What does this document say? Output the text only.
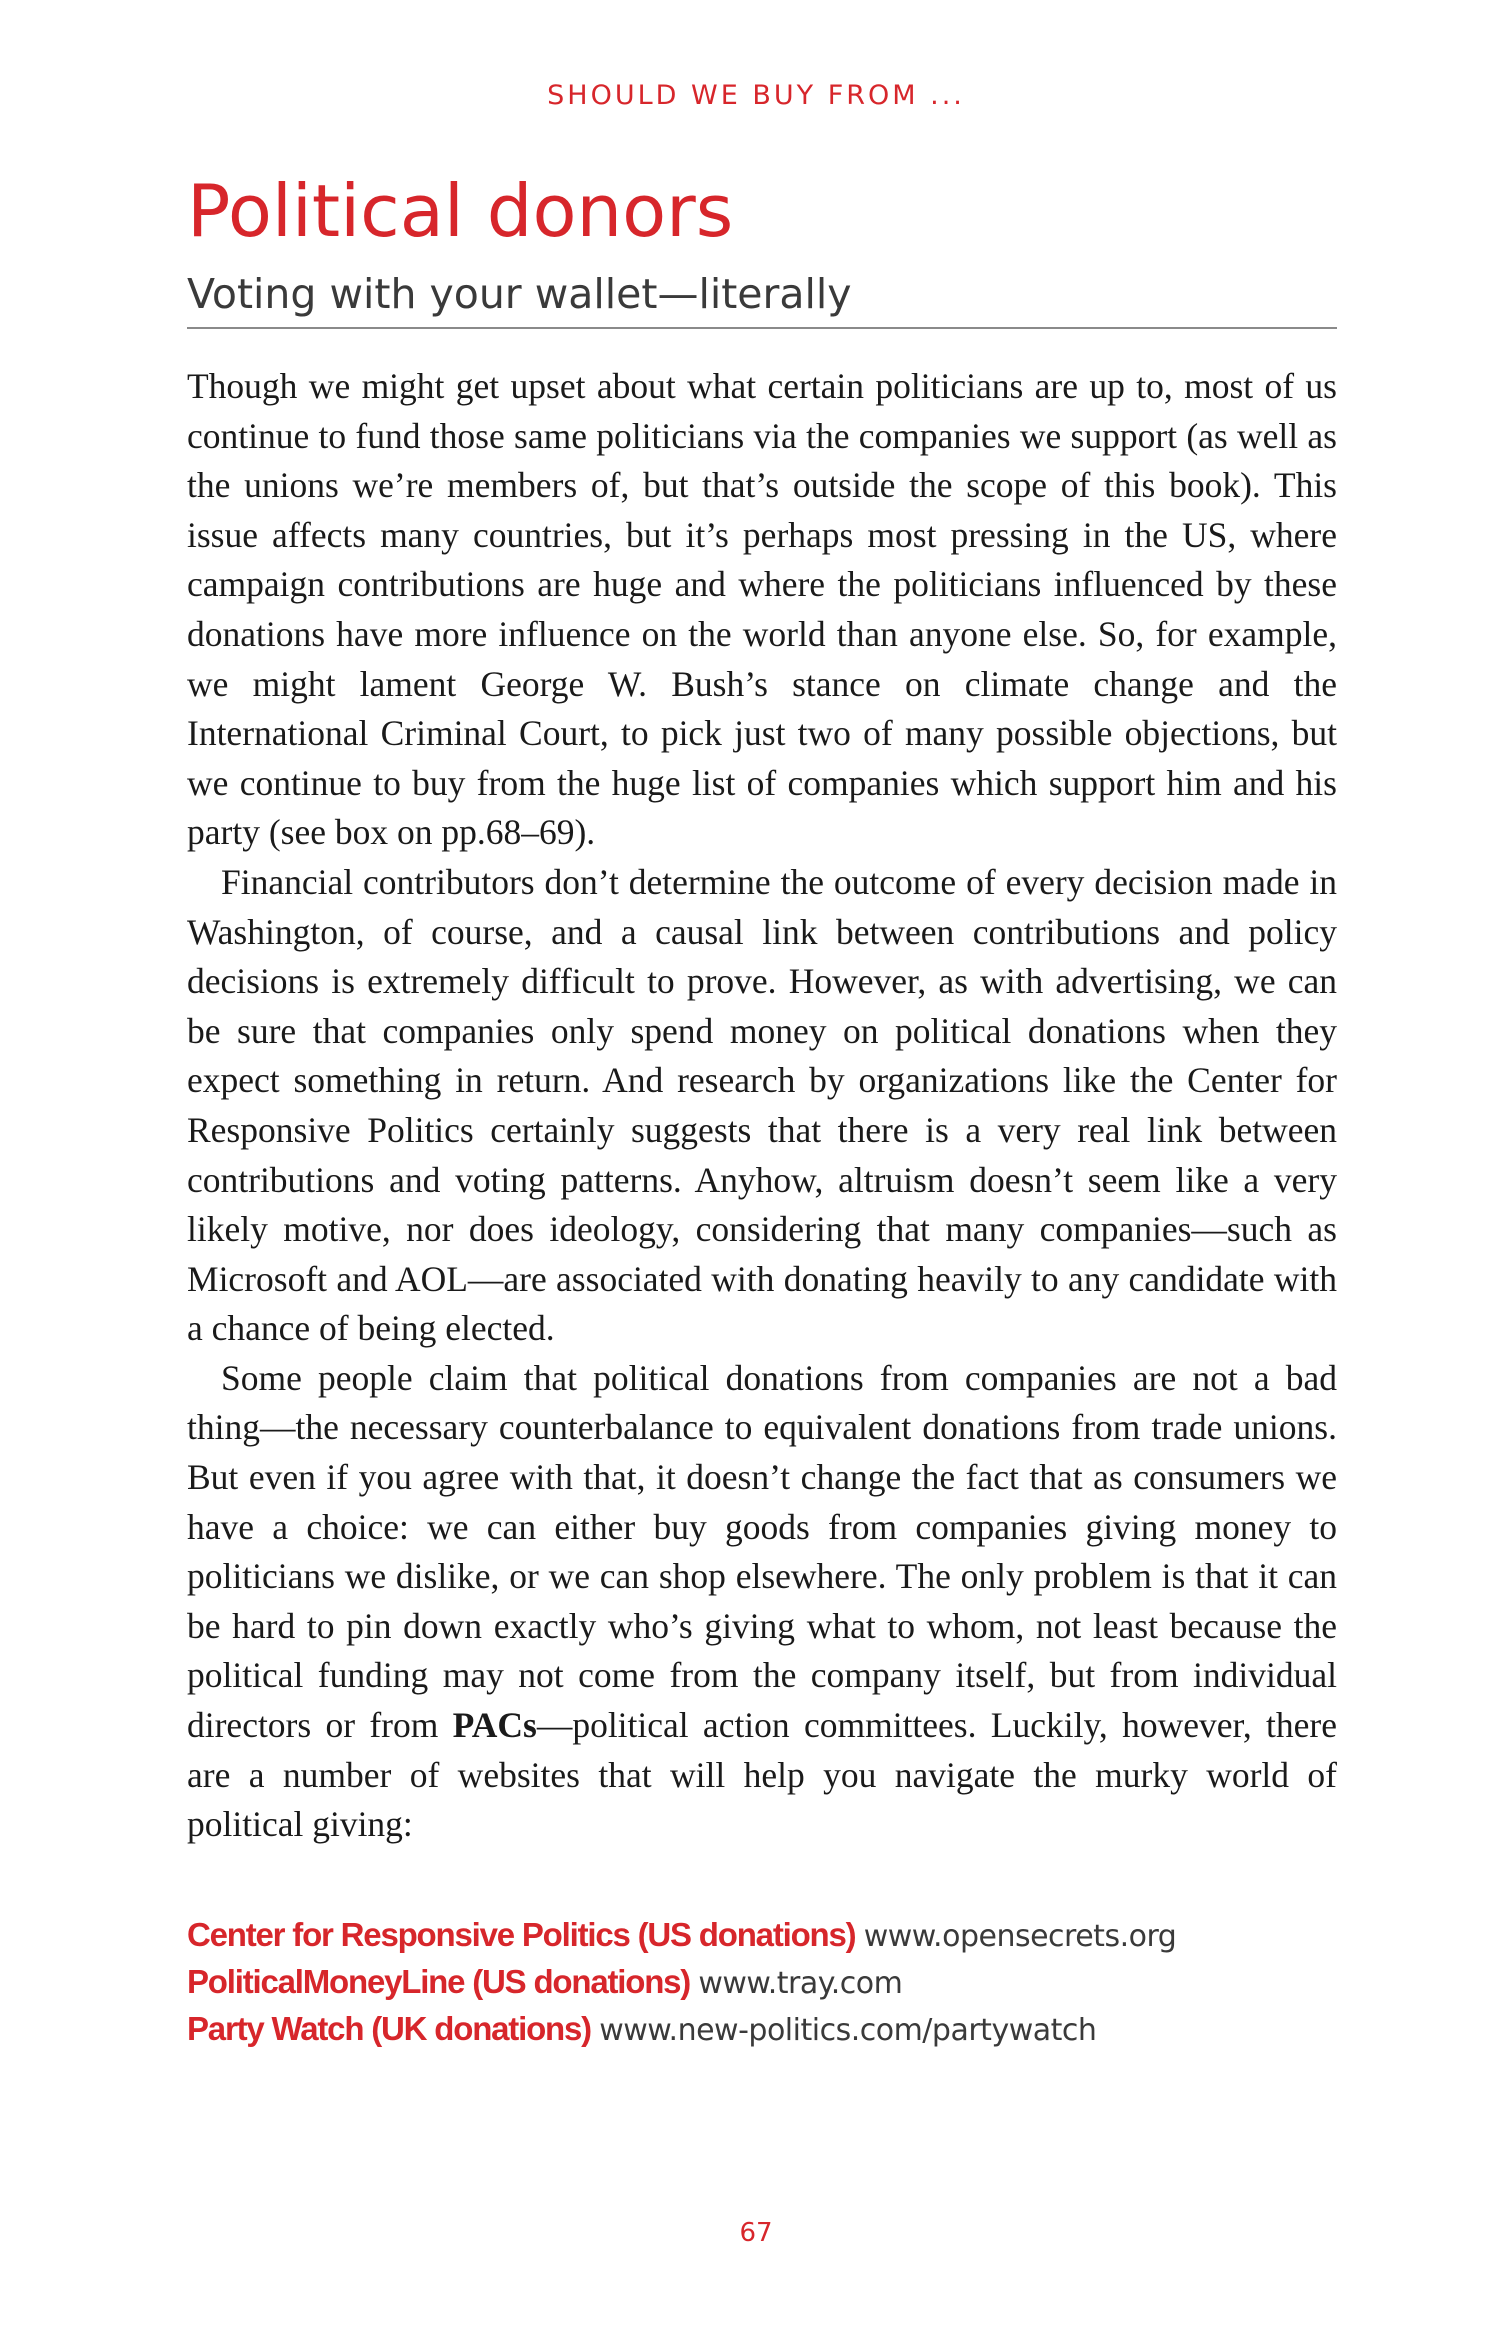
SHOULD WE BUY FROM ...
Political donors
Voting with your wallet—literally

Though we might get upset about what certain politicians are up to, most of us continue to fund those same politicians via the companies we support (as well as the unions we’re members of, but that’s outside the scope of this book). This issue affects many countries, but it’s perhaps most pressing in the US, where campaign contributions are huge and where the politicians influenced by these donations have more influence on the world than anyone else. So, for example, we might lament George W. Bush’s stance on climate change and the International Criminal Court, to pick just two of many possible objections, but we continue to buy from the huge list of companies which support him and his party (see box on pp.68–69).

Financial contributors don’t determine the outcome of every decision made in Washington, of course, and a causal link between contributions and policy decisions is extremely difficult to prove. However, as with advertising, we can be sure that companies only spend money on political donations when they expect something in return. And research by organizations like the Center for Responsive Politics certainly suggests that there is a very real link between contributions and voting patterns. Anyhow, altruism doesn’t seem like a very likely motive, nor does ideology, considering that many companies—such as Microsoft and AOL—are associated with donating heavily to any candidate with a chance of being elected.

Some people claim that political donations from companies are not a bad thing—the necessary counterbalance to equivalent donations from trade unions. But even if you agree with that, it doesn’t change the fact that as consumers we have a choice: we can either buy goods from companies giving money to politicians we dislike, or we can shop elsewhere. The only problem is that it can be hard to pin down exactly who’s giving what to whom, not least because the political funding may not come from the company itself, but from individual directors or from PACs—political action committees. Luckily, however, there are a number of websites that will help you navigate the murky world of political giving:

Center for Responsive Politics (US donations) www.opensecrets.org
PoliticalMoneyLine (US donations) www.tray.com
Party Watch (UK donations) www.new-politics.com/partywatch
67
